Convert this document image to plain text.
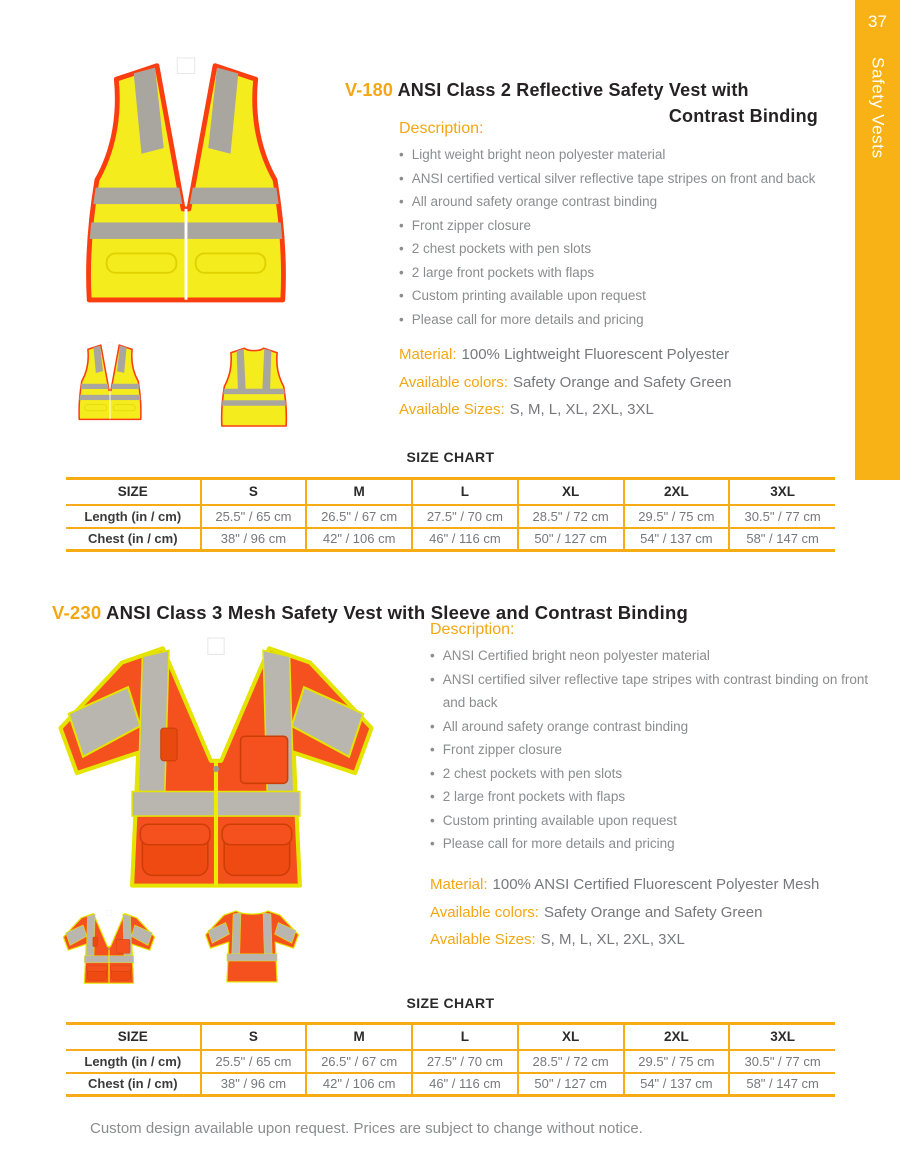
37
Safety Vests
V-180 ANSI Class 2 Reflective Safety Vest with
Contrast Binding
Description:
• Light weight bright neon polyester material
• ANSI certified vertical silver reflective tape stripes on front and back
• All around safety orange contrast binding
• Front zipper closure
• 2 chest pockets with pen slots
• 2 large front pockets with flaps
• Custom printing available upon request
• Please call for more details and pricing
Material: 100% Lightweight Fluorescent Polyester
Available colors: Safety Orange and Safety Green
Available Sizes: S, M, L, XL, 2XL, 3XL
SIZE CHART
SIZE	S	M	L	XL	2XL	3XL
Length (in / cm)	25.5" / 65 cm	26.5" / 67 cm	27.5" / 70 cm	28.5" / 72 cm	29.5" / 75 cm	30.5" / 77 cm
Chest (in / cm)	38" / 96 cm	42" / 106 cm	46" / 116 cm	50" / 127 cm	54" / 137 cm	58" / 147 cm
V-230 ANSI Class 3 Mesh Safety Vest with Sleeve and Contrast Binding
Description:
• ANSI Certified bright neon polyester material
• ANSI certified silver reflective tape stripes with contrast binding on front and back
• All around safety orange contrast binding
• Front zipper closure
• 2 chest pockets with pen slots
• 2 large front pockets with flaps
• Custom printing available upon request
• Please call for more details and pricing
Material: 100% ANSI Certified Fluorescent Polyester Mesh
Available colors: Safety Orange and Safety Green
Available Sizes: S, M, L, XL, 2XL, 3XL
SIZE CHART
SIZE	S	M	L	XL	2XL	3XL
Length (in / cm)	25.5" / 65 cm	26.5" / 67 cm	27.5" / 70 cm	28.5" / 72 cm	29.5" / 75 cm	30.5" / 77 cm
Chest (in / cm)	38" / 96 cm	42" / 106 cm	46" / 116 cm	50" / 127 cm	54" / 137 cm	58" / 147 cm
Custom design available upon request. Prices are subject to change without notice.
